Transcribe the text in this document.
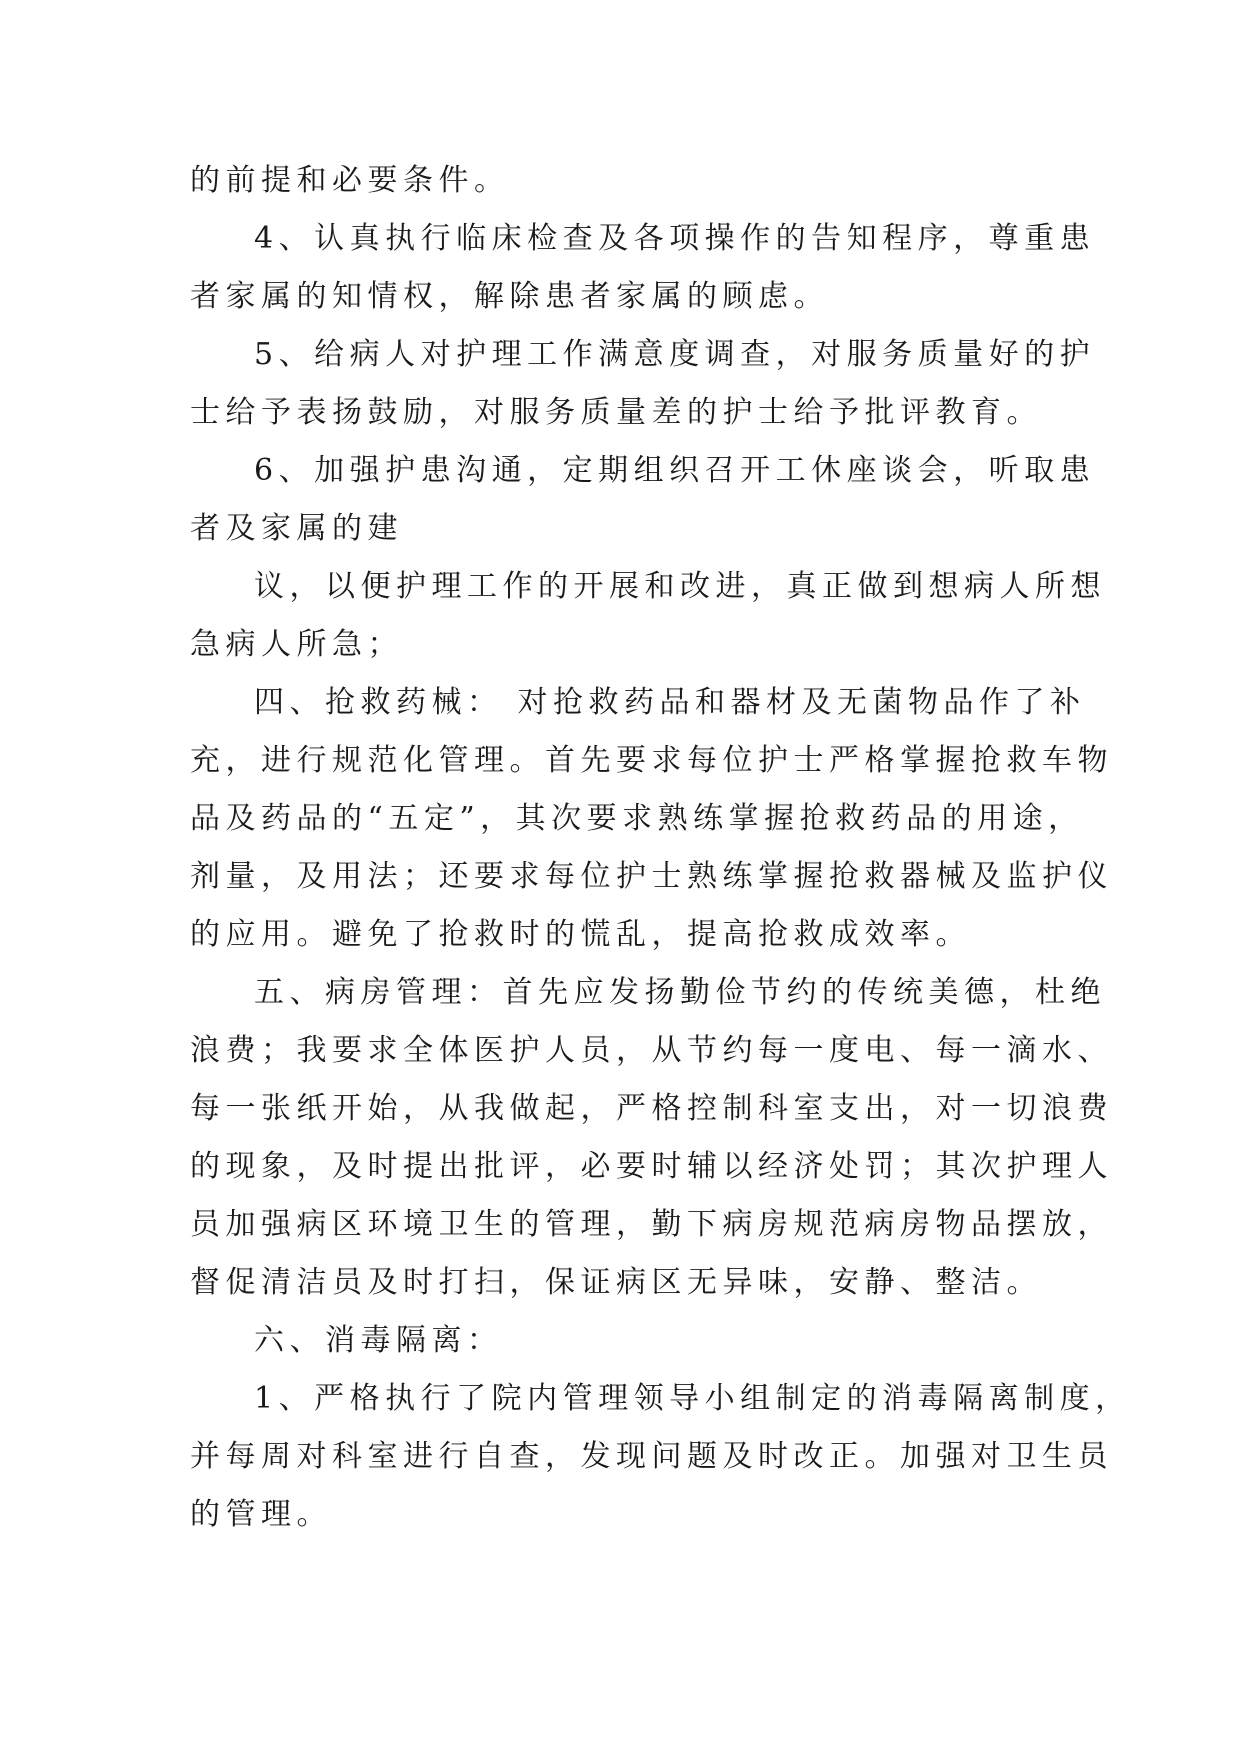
的前提和必要条件。
4、认真执行临床检查及各项操作的告知程序，尊重患
者家属的知情权，解除患者家属的顾虑。
5、给病人对护理工作满意度调查，对服务质量好的护
士给予表扬鼓励，对服务质量差的护士给予批评教育。
6、加强护患沟通，定期组织召开工休座谈会，听取患
者及家属的建
议，以便护理工作的开展和改进，真正做到想病人所想
急病人所急；
四、抢救药械： 对抢救药品和器材及无菌物品作了补
充，进行规范化管理。首先要求每位护士严格掌握抢救车物
品及药品的“五定”，其次要求熟练掌握抢救药品的用途，
剂量，及用法；还要求每位护士熟练掌握抢救器械及监护仪
的应用。避免了抢救时的慌乱，提高抢救成效率。
五、病房管理：首先应发扬勤俭节约的传统美德，杜绝
浪费；我要求全体医护人员，从节约每一度电、每一滴水、
每一张纸开始，从我做起，严格控制科室支出，对一切浪费
的现象，及时提出批评，必要时辅以经济处罚；其次护理人
员加强病区环境卫生的管理，勤下病房规范病房物品摆放，
督促清洁员及时打扫，保证病区无异味，安静、整洁。
六、消毒隔离：
1、严格执行了院内管理领导小组制定的消毒隔离制度，
并每周对科室进行自查，发现问题及时改正。加强对卫生员
的管理。
